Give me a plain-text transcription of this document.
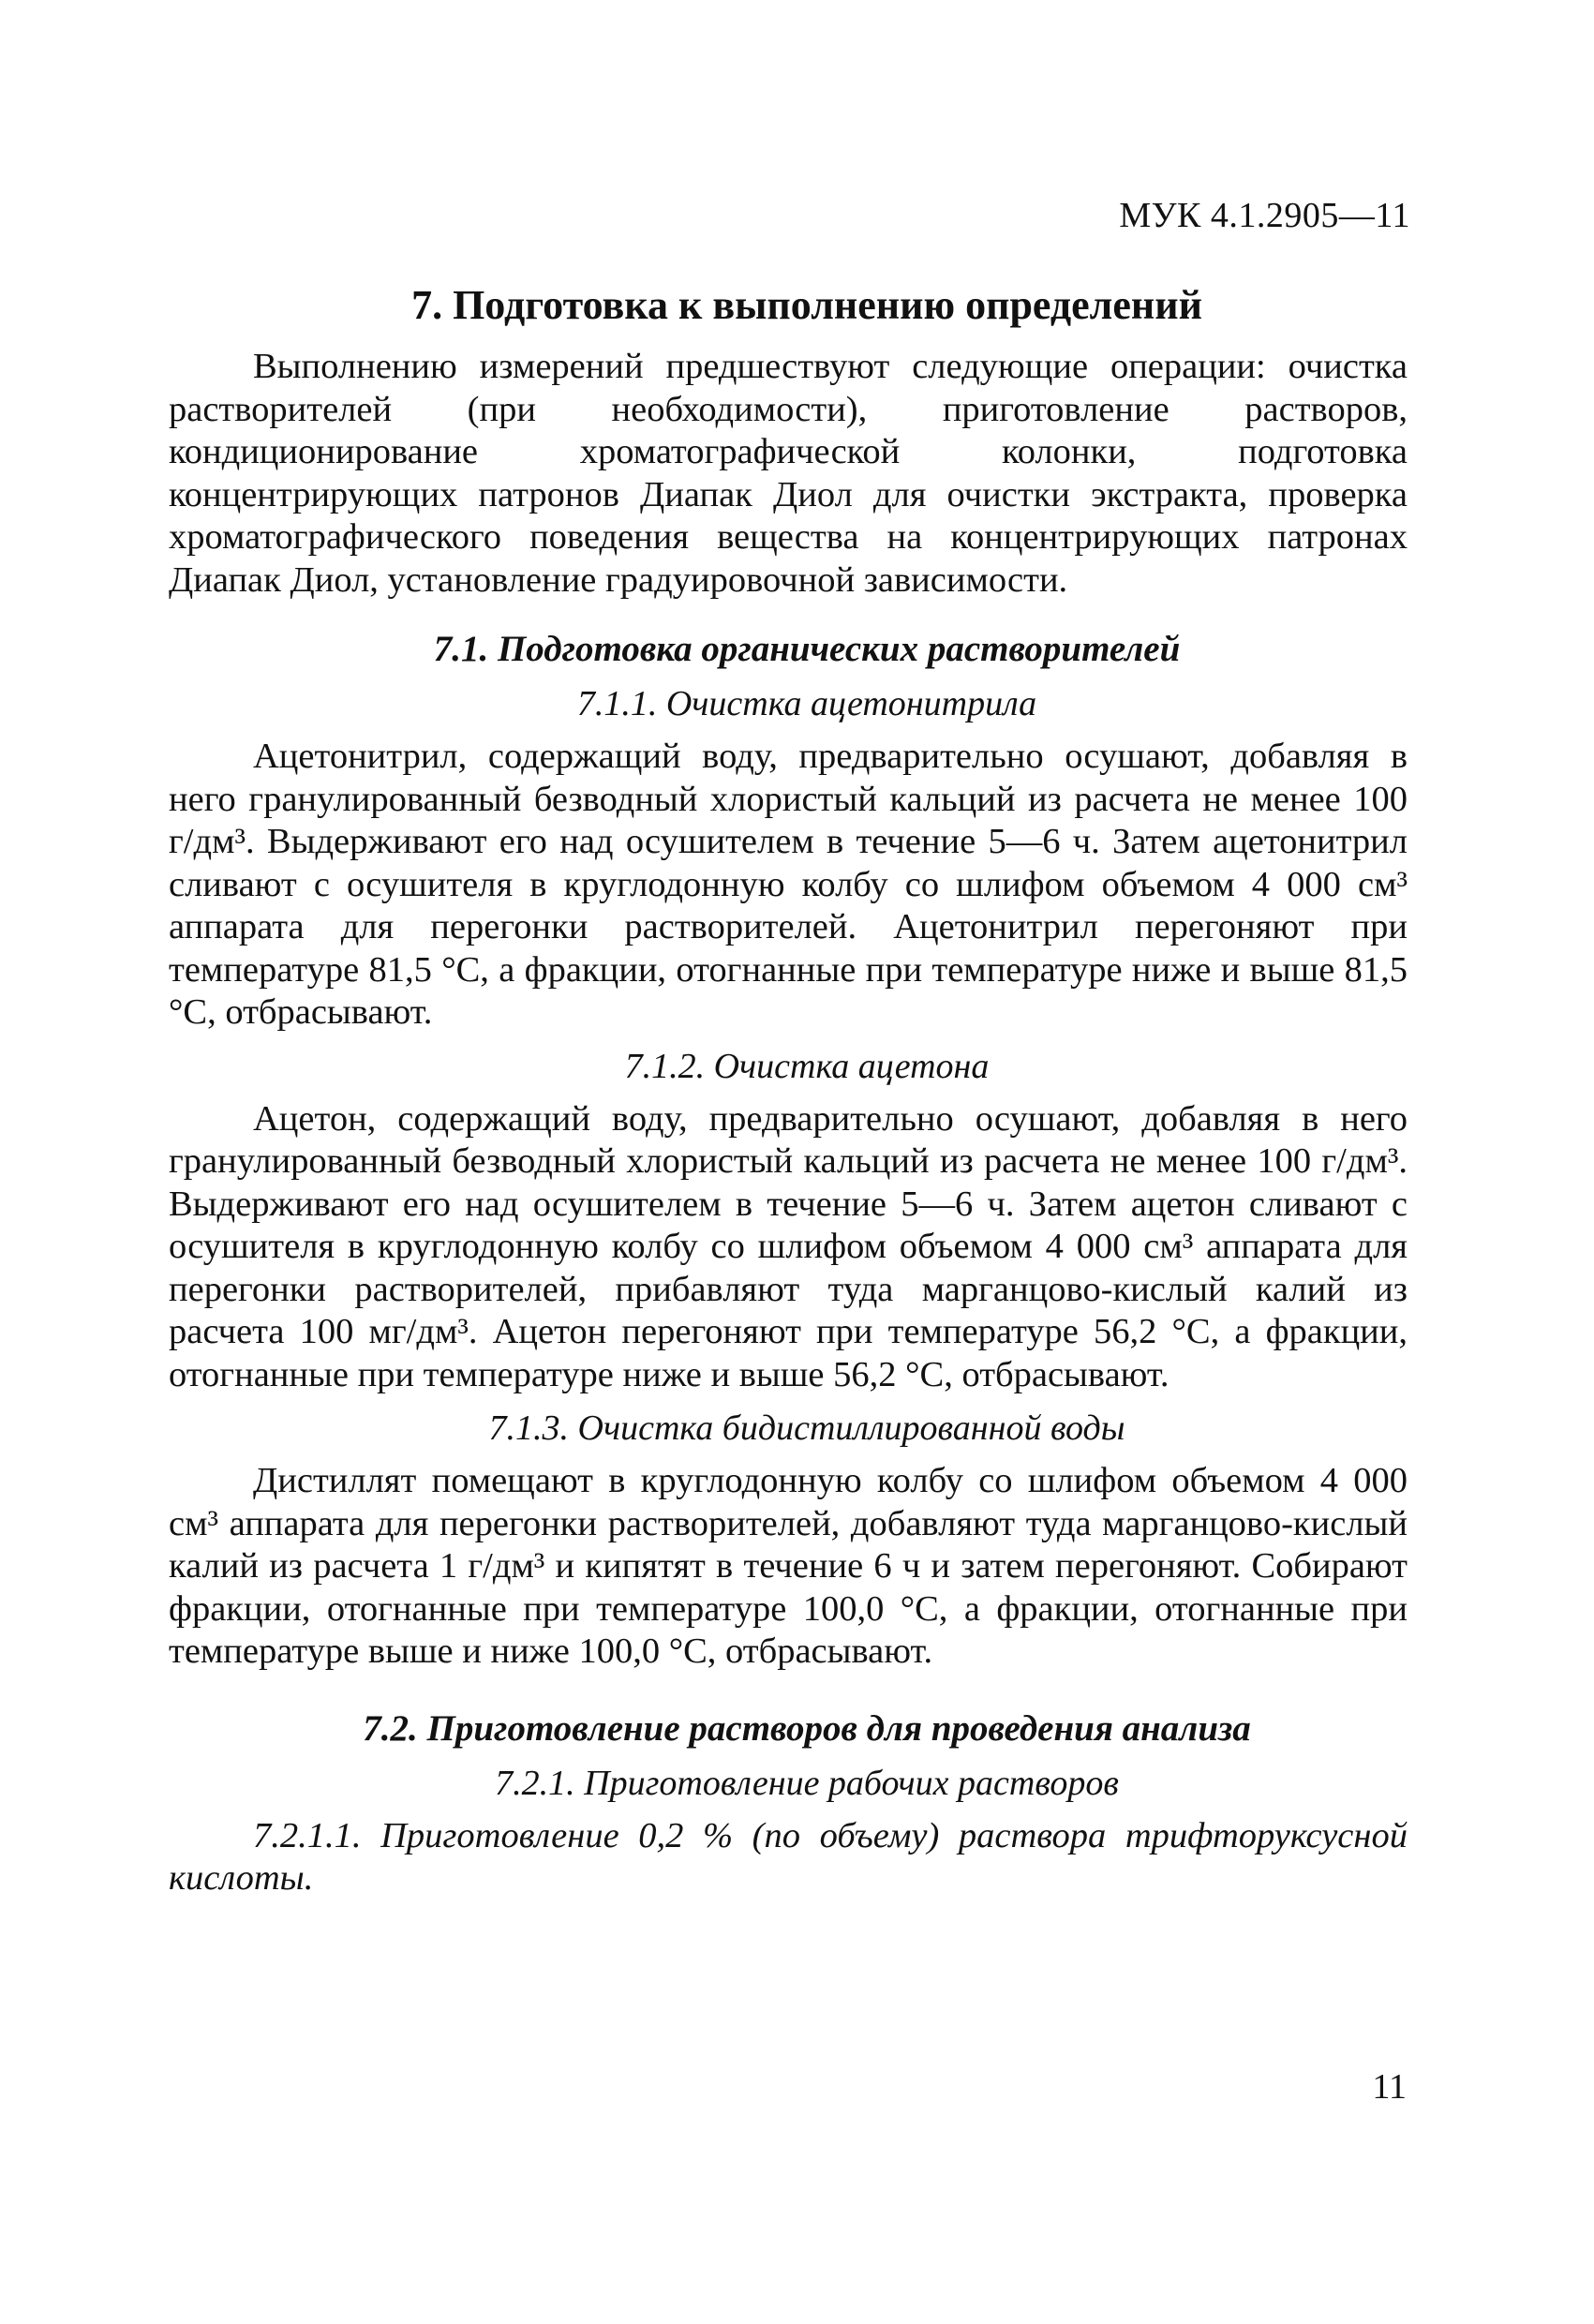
МУК 4.1.2905—11
7. Подготовка к выполнению определений

Выполнению измерений предшествуют следующие операции: очистка растворителей (при необходимости), приготовление растворов, кондиционирование хроматографической колонки, подготовка концентрирующих патронов Диапак Диол для очистки экстракта, проверка хроматографического поведения вещества на концентрирующих патронах Диапак Диол, установление градуировочной зависимости.

7.1. Подготовка органических растворителей
7.1.1. Очистка ацетонитрила

Ацетонитрил, содержащий воду, предварительно осушают, добавляя в него гранулированный безводный хлористый кальций из расчета не менее 100 г/дм³. Выдерживают его над осушителем в течение 5—6 ч. Затем ацетонитрил сливают с осушителя в круглодонную колбу со шлифом объемом 4 000 см³ аппарата для перегонки растворителей. Ацетонитрил перегоняют при температуре 81,5 °С, а фракции, отогнанные при температуре ниже и выше 81,5 °С, отбрасывают.

7.1.2. Очистка ацетона

Ацетон, содержащий воду, предварительно осушают, добавляя в него гранулированный безводный хлористый кальций из расчета не менее 100 г/дм³. Выдерживают его над осушителем в течение 5—6 ч. Затем ацетон сливают с осушителя в круглодонную колбу со шлифом объемом 4 000 см³ аппарата для перегонки растворителей, прибавляют туда марганцово-кислый калий из расчета 100 мг/дм³. Ацетон перегоняют при температуре 56,2 °С, а фракции, отогнанные при температуре ниже и выше 56,2 °С, отбрасывают.

7.1.3. Очистка бидистиллированной воды

Дистиллят помещают в круглодонную колбу со шлифом объемом 4 000 см³ аппарата для перегонки растворителей, добавляют туда марганцово-кислый калий из расчета 1 г/дм³ и кипятят в течение 6 ч и затем перегоняют. Собирают фракции, отогнанные при температуре 100,0 °С, а фракции, отогнанные при температуре выше и ниже 100,0 °С, отбрасывают.

7.2. Приготовление растворов для проведения анализа
7.2.1. Приготовление рабочих растворов

7.2.1.1. Приготовление 0,2 % (по объему) раствора трифторуксусной кислоты.

11
